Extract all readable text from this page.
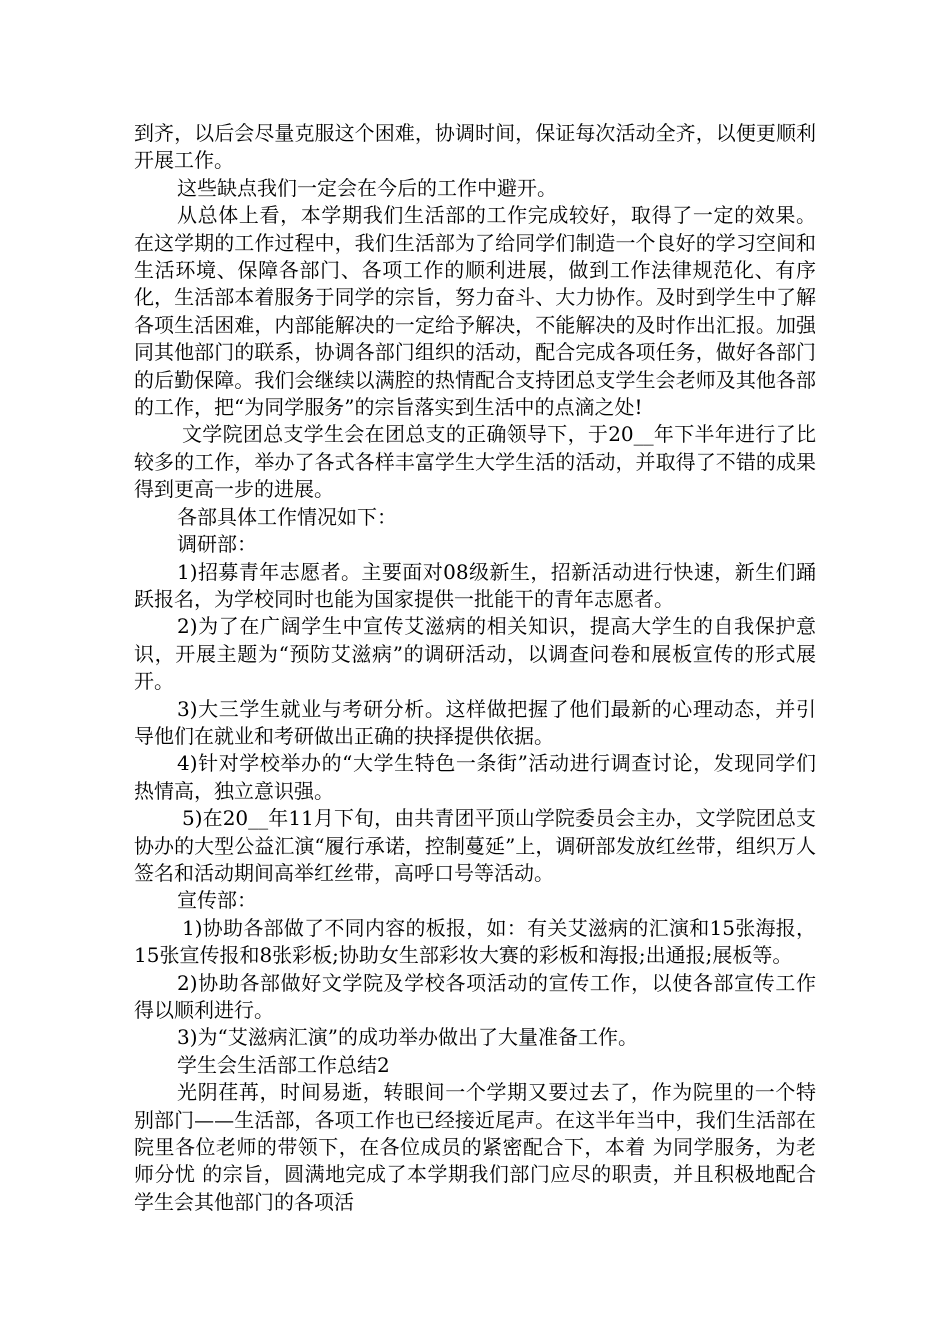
到齐，以后会尽量克服这个困难，协调时间，保证每次活动全齐，以便更顺利开展工作。

这些缺点我们一定会在今后的工作中避开。

从总体上看，本学期我们生活部的工作完成较好，取得了一定的效果。在这学期的工作过程中，我们生活部为了给同学们制造一个良好的学习空间和生活环境、保障各部门、各项工作的顺利进展，做到工作法律规范化、有序化，生活部本着服务于同学的宗旨，努力奋斗、大力协作。及时到学生中了解各项生活困难，内部能解决的一定给予解决，不能解决的及时作出汇报。加强同其他部门的联系，协调各部门组织的活动，配合完成各项任务，做好各部门的后勤保障。我们会继续以满腔的热情配合支持团总支学生会老师及其他各部的工作，把“为同学服务”的宗旨落实到生活中的点滴之处!

文学院团总支学生会在团总支的正确领导下，于20__年下半年进行了比较多的工作，举办了各式各样丰富学生大学生活的活动，并取得了不错的成果得到更高一步的进展。

各部具体工作情况如下：

调研部：

1)招募青年志愿者。主要面对08级新生，招新活动进行快速，新生们踊跃报名，为学校同时也能为国家提供一批能干的青年志愿者。

2)为了在广阔学生中宣传艾滋病的相关知识，提高大学生的自我保护意识，开展主题为“预防艾滋病”的调研活动，以调查问卷和展板宣传的形式展开。

3)大三学生就业与考研分析。这样做把握了他们最新的心理动态，并引导他们在就业和考研做出正确的抉择提供依据。

4)针对学校举办的“大学生特色一条街”活动进行调查讨论，发现同学们热情高，独立意识强。

5)在20__年11月下旬，由共青团平顶山学院委员会主办，文学院团总支协办的大型公益汇演“履行承诺，控制蔓延”上，调研部发放红丝带，组织万人签名和活动期间高举红丝带，高呼口号等活动。

宣传部：

1)协助各部做了不同内容的板报，如：有关艾滋病的汇演和15张海报，15张宣传报和8张彩板;协助女生部彩妆大赛的彩板和海报;出通报;展板等。

2)协助各部做好文学院及学校各项活动的宣传工作，以使各部宣传工作得以顺利进行。

3)为“艾滋病汇演”的成功举办做出了大量准备工作。

学生会生活部工作总结2

光阴荏苒，时间易逝，转眼间一个学期又要过去了，作为院里的一个特别部门——生活部，各项工作也已经接近尾声。在这半年当中，我们生活部在院里各位老师的带领下，在各位成员的紧密配合下，本着 为同学服务，为老师分忧 的宗旨，圆满地完成了本学期我们部门应尽的职责，并且积极地配合学生会其他部门的各项活
